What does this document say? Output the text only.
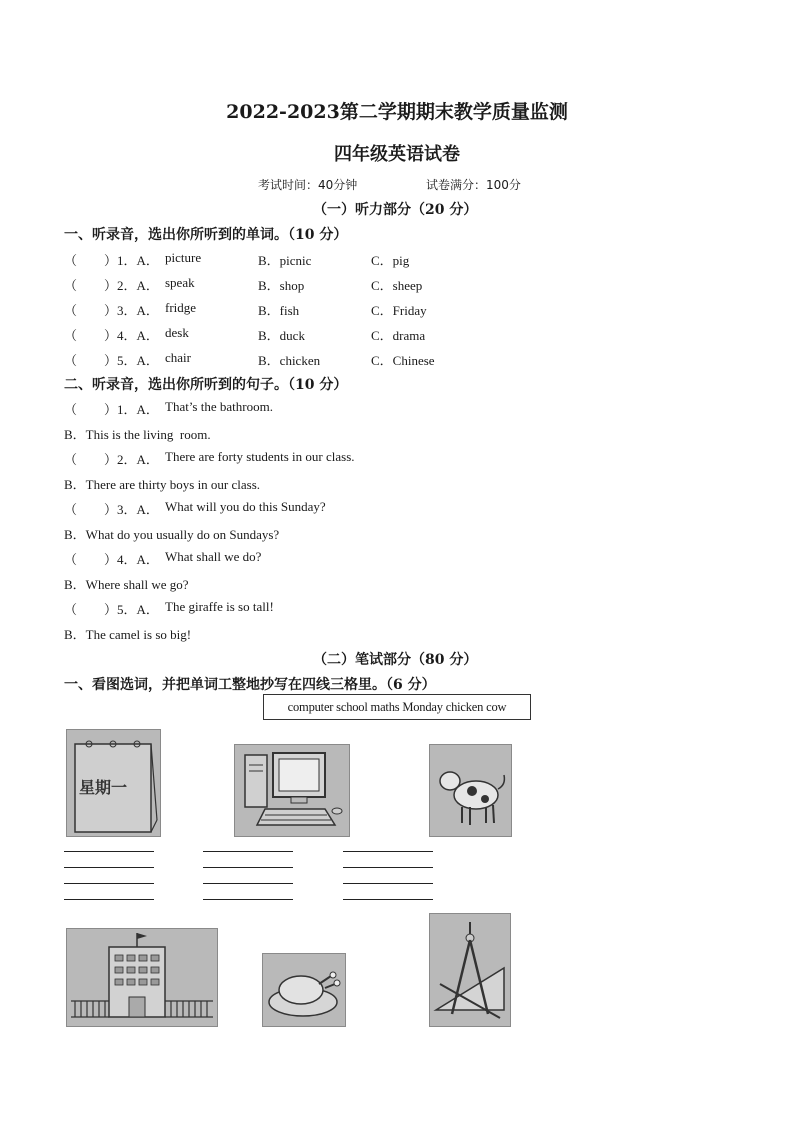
2022-2023第二学期期末教学质量监测
四年级英语试卷
考试时间：40分钟	试卷满分：100分
（一）听力部分（20 分）
一、听录音，选出你所听到的单词。（10 分）
（ ）1．A． picture	B．picnic	C．pig
（ ）2．A． speak	B．shop	C．sheep
（ ）3．A． fridge	B．fish	C．Friday
（ ）4．A． desk	B．duck	C．drama
（ ）5．A． chair	B．chicken	C．Chinese
二、听录音，选出你所听到的句子。（10 分）
（ ）1．A． That’s the bathroom.
B．This is the living  room.
（ ）2．A． There are forty students in our class.
B．There are thirty boys in our class.
（ ）3．A． What will you do this Sunday?
B．What do you usually do on Sundays?
（ ）4．A． What shall we do?
B．Where shall we go?
（ ）5．A． The giraffe is so tall!
B．The camel is so big!
（二）笔试部分（80 分）
一、看图选词，并把单词工整地抄写在四线三格里。（6 分）
computer school maths Monday chicken cow
星期一
